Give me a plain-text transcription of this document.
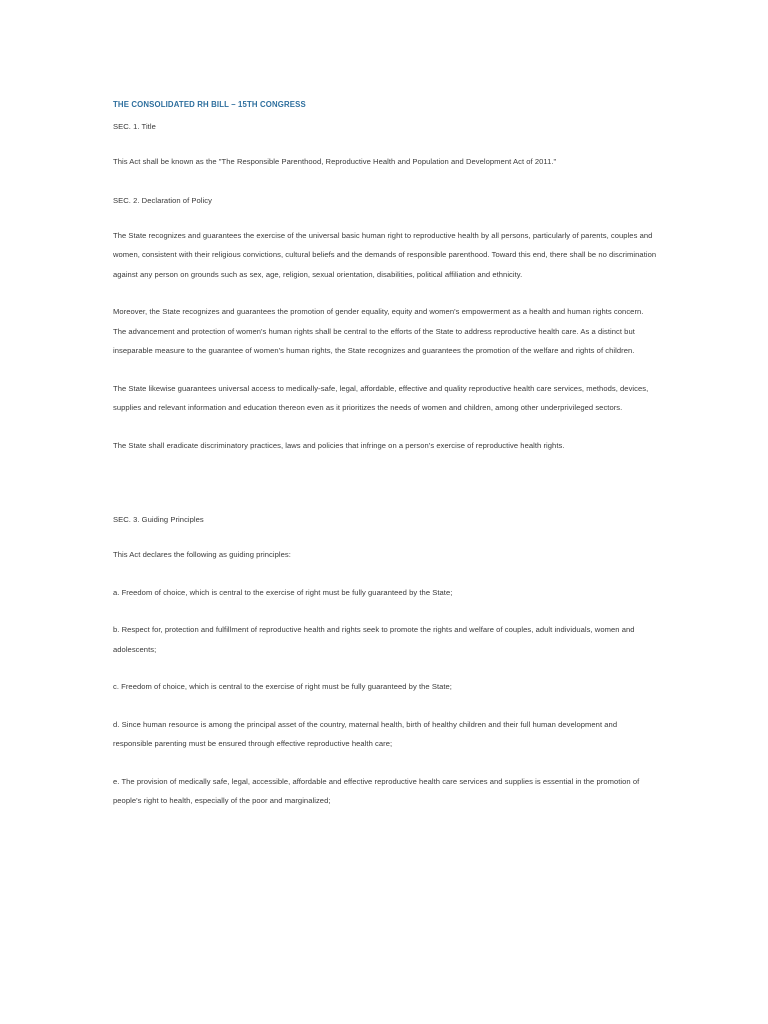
THE CONSOLIDATED RH BILL – 15TH CONGRESS
SEC. 1. Title

This Act shall be known as the "The Responsible Parenthood, Reproductive Health and Population and Development Act of 2011."

SEC. 2. Declaration of Policy

The State recognizes and guarantees the exercise of the universal basic human right to reproductive health by all persons, particularly of parents, couples and women, consistent with their religious convictions, cultural beliefs and the demands of responsible parenthood. Toward this end, there shall be no discrimination against any person on grounds such as sex, age, religion, sexual orientation, disabilities, political affiliation and ethnicity.

Moreover, the State recognizes and guarantees the promotion of gender equality, equity and women's empowerment as a health and human rights concern. The advancement and protection of women's human rights shall be central to the efforts of the State to address reproductive health care. As a distinct but inseparable measure to the guarantee of women's human rights, the State recognizes and guarantees the promotion of the welfare and rights of children.

The State likewise guarantees universal access to medically-safe, legal, affordable, effective and quality reproductive health care services, methods, devices, supplies and relevant information and education thereon even as it prioritizes the needs of women and children, among other underprivileged sectors.

The State shall eradicate discriminatory practices, laws and policies that infringe on a person's exercise of reproductive health rights.

SEC. 3. Guiding Principles

This Act declares the following as guiding principles:

a. Freedom of choice, which is central to the exercise of right must be fully guaranteed by the State;

b. Respect for, protection and fulfillment of reproductive health and rights seek to promote the rights and welfare of couples, adult individuals, women and adolescents;

c. Freedom of choice, which is central to the exercise of right must be fully guaranteed by the State;

d. Since human resource is among the principal asset of the country, maternal health, birth of healthy children and their full human development and responsible parenting must be ensured through effective reproductive health care;

e. The provision of medically safe, legal, accessible, affordable and effective reproductive health care services and supplies is essential in the promotion of people's right to health, especially of the poor and marginalized;
